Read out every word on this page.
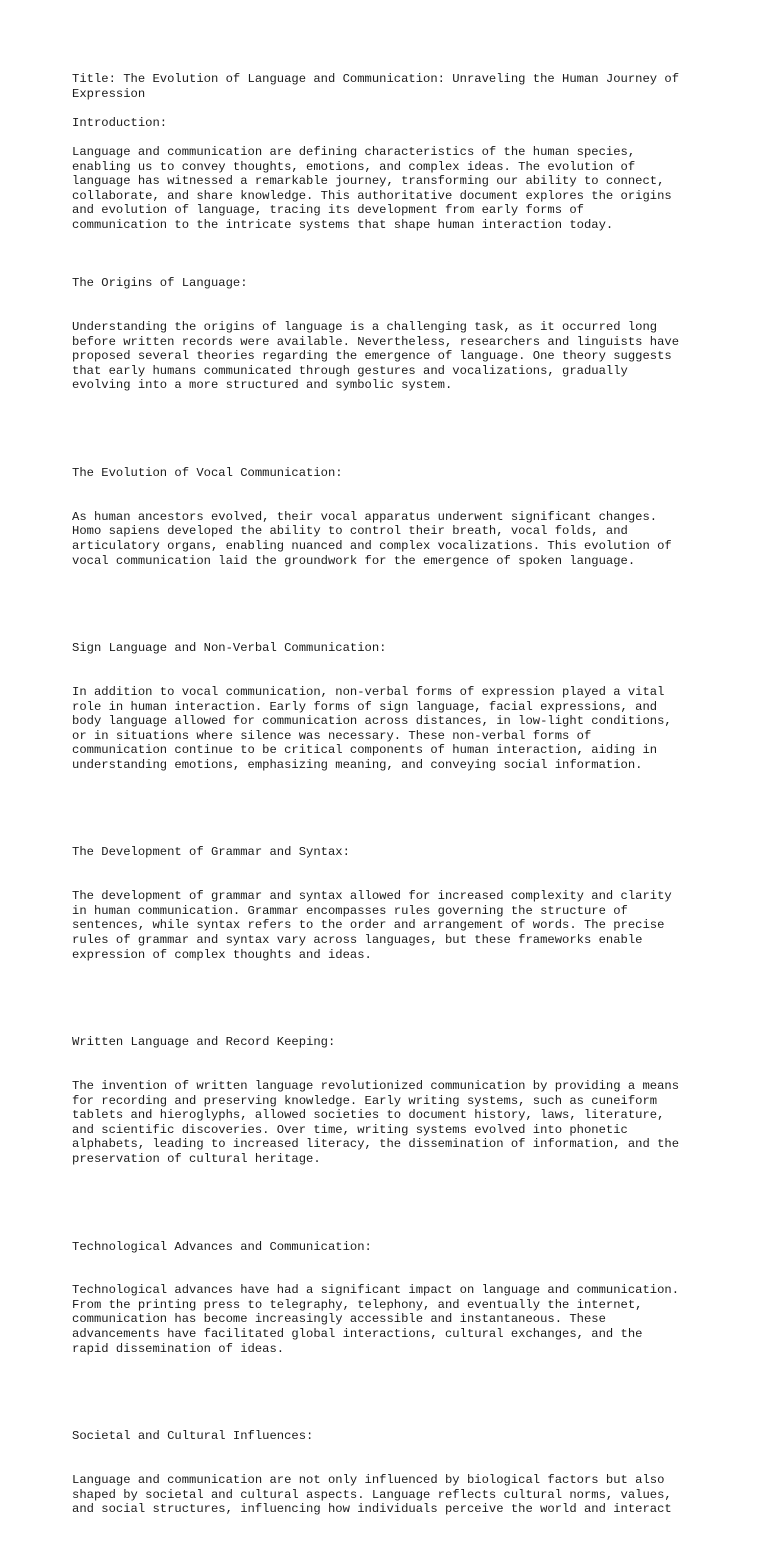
Title: The Evolution of Language and Communication: Unraveling the Human Journey of
Expression
Introduction:
Language and communication are defining characteristics of the human species,
enabling us to convey thoughts, emotions, and complex ideas. The evolution of
language has witnessed a remarkable journey, transforming our ability to connect,
collaborate, and share knowledge. This authoritative document explores the origins
and evolution of language, tracing its development from early forms of
communication to the intricate systems that shape human interaction today.

The Origins of Language:

Understanding the origins of language is a challenging task, as it occurred long
before written records were available. Nevertheless, researchers and linguists have
proposed several theories regarding the emergence of language. One theory suggests
that early humans communicated through gestures and vocalizations, gradually
evolving into a more structured and symbolic system.

The Evolution of Vocal Communication:

As human ancestors evolved, their vocal apparatus underwent significant changes.
Homo sapiens developed the ability to control their breath, vocal folds, and
articulatory organs, enabling nuanced and complex vocalizations. This evolution of
vocal communication laid the groundwork for the emergence of spoken language.

Sign Language and Non-Verbal Communication:

In addition to vocal communication, non-verbal forms of expression played a vital
role in human interaction. Early forms of sign language, facial expressions, and
body language allowed for communication across distances, in low-light conditions,
or in situations where silence was necessary. These non-verbal forms of
communication continue to be critical components of human interaction, aiding in
understanding emotions, emphasizing meaning, and conveying social information.

The Development of Grammar and Syntax:

The development of grammar and syntax allowed for increased complexity and clarity
in human communication. Grammar encompasses rules governing the structure of
sentences, while syntax refers to the order and arrangement of words. The precise
rules of grammar and syntax vary across languages, but these frameworks enable
expression of complex thoughts and ideas.

Written Language and Record Keeping:

The invention of written language revolutionized communication by providing a means
for recording and preserving knowledge. Early writing systems, such as cuneiform
tablets and hieroglyphs, allowed societies to document history, laws, literature,
and scientific discoveries. Over time, writing systems evolved into phonetic
alphabets, leading to increased literacy, the dissemination of information, and the
preservation of cultural heritage.

Technological Advances and Communication:

Technological advances have had a significant impact on language and communication.
From the printing press to telegraphy, telephony, and eventually the internet,
communication has become increasingly accessible and instantaneous. These
advancements have facilitated global interactions, cultural exchanges, and the
rapid dissemination of ideas.

Societal and Cultural Influences:

Language and communication are not only influenced by biological factors but also
shaped by societal and cultural aspects. Language reflects cultural norms, values,
and social structures, influencing how individuals perceive the world and interact
